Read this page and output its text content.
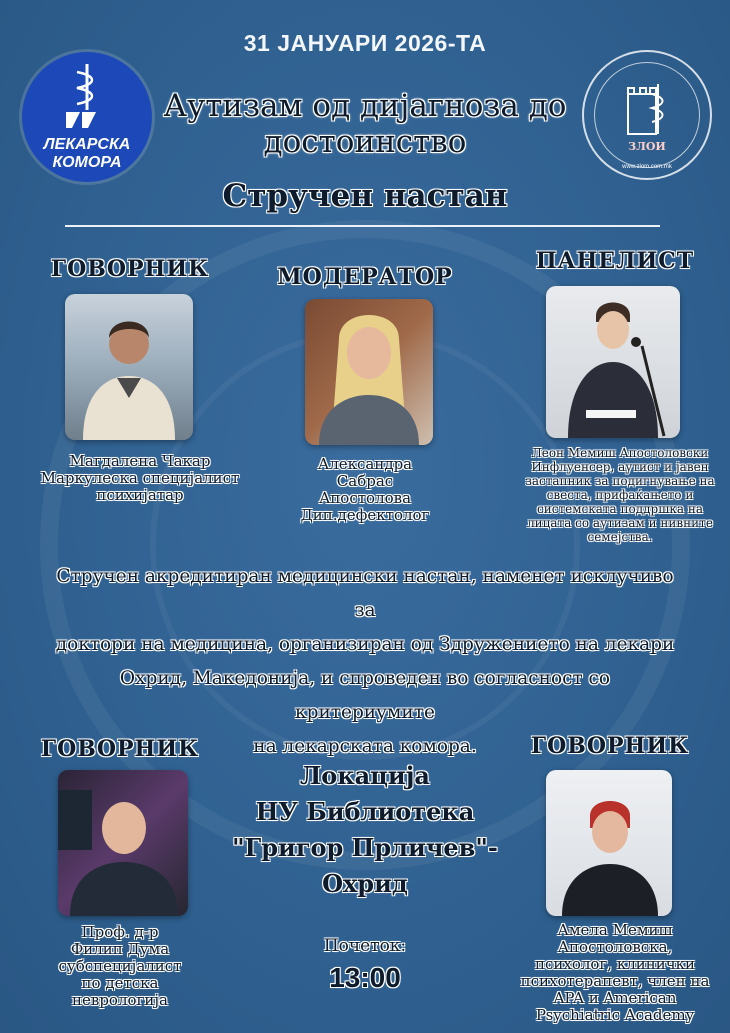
31 ЈАНУАРИ 2026-ТА
ЛЕКАРСКА
КОМОРА
ЗЛОИ
www.zlom.com.mk
Аутизам од дијагноза до
достоинство
Стручен настан
ГОВОРНИК
Магдалена Чакар
Маркулеска специјалист
психијатар
МОДЕРАТОР
Александра
Сабрас
Апостолова
Дип.дефектолог
ПАНЕЛИСТ
Леон Мемиш Апостоловски
Инфлуенсер, аутист и јавен
застапник за подигнување на
свеста, прифаќањето и
системската поддршка на
лицата со аутизам и нивните
семејства.
Стручен акредитиран медицински настан, наменет исклучиво за
доктори на медицина, организиран од Здружението на лекари
Охрид, Македонија, и спроведен во согласност со критериумите
на лекарската комора.
ГОВОРНИК
Проф. д-р
Филип Дума
субспецијалист
по детска
неврологија
Локација
НУ Библиотека
"Григор Прличев"-Охрид
Почеток:
13:00
ГОВОРНИК
Амела Мемиш
Апостоловска,
психолог, клинички
психотерапевт, член на
APA и American
Psychiatric Academy
